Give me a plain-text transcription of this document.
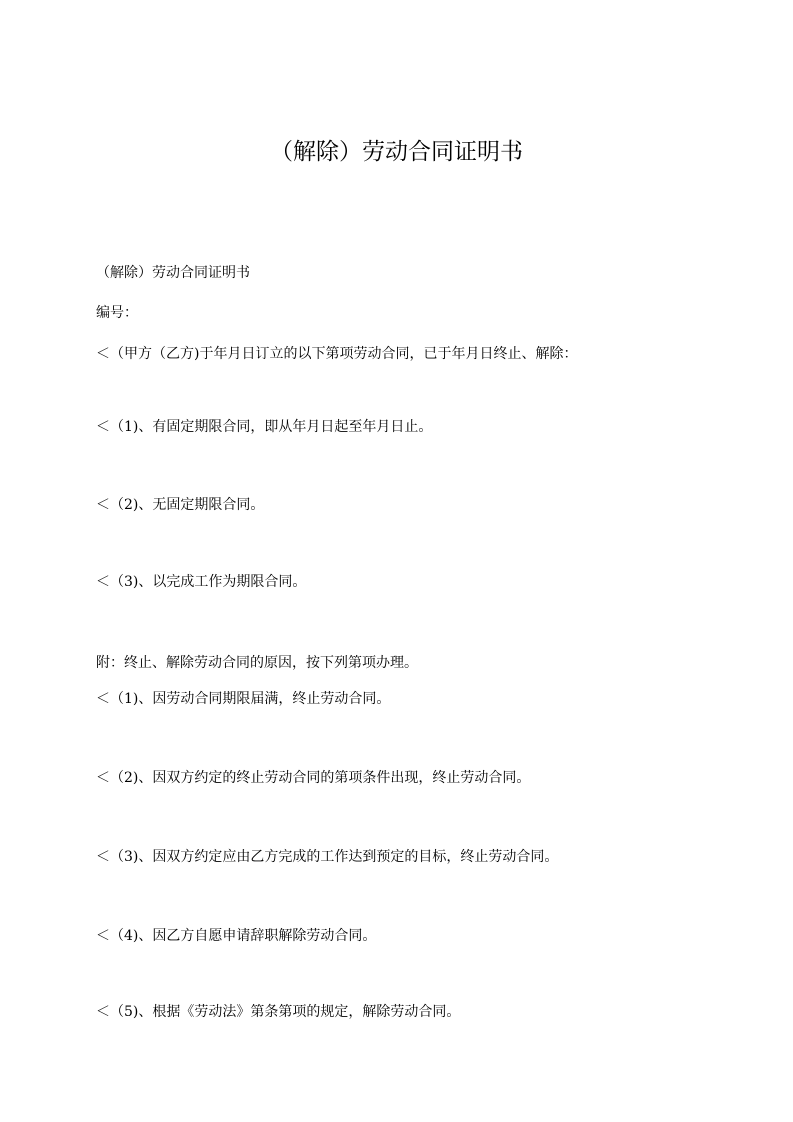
（解除）劳动合同证明书

（解除）劳动合同证明书

编号：

＜（甲方（乙方)于年月日订立的以下第项劳动合同，已于年月日终止、解除：

＜（1)、有固定期限合同，即从年月日起至年月日止。

＜（2)、无固定期限合同。

＜（3)、以完成工作为期限合同。

附：终止、解除劳动合同的原因，按下列第项办理。

＜（1)、因劳动合同期限届满，终止劳动合同。

＜（2)、因双方约定的终止劳动合同的第项条件出现，终止劳动合同。

＜（3)、因双方约定应由乙方完成的工作达到预定的目标，终止劳动合同。

＜（4)、因乙方自愿申请辞职解除劳动合同。

＜（5)、根据《劳动法》第条第项的规定，解除劳动合同。
